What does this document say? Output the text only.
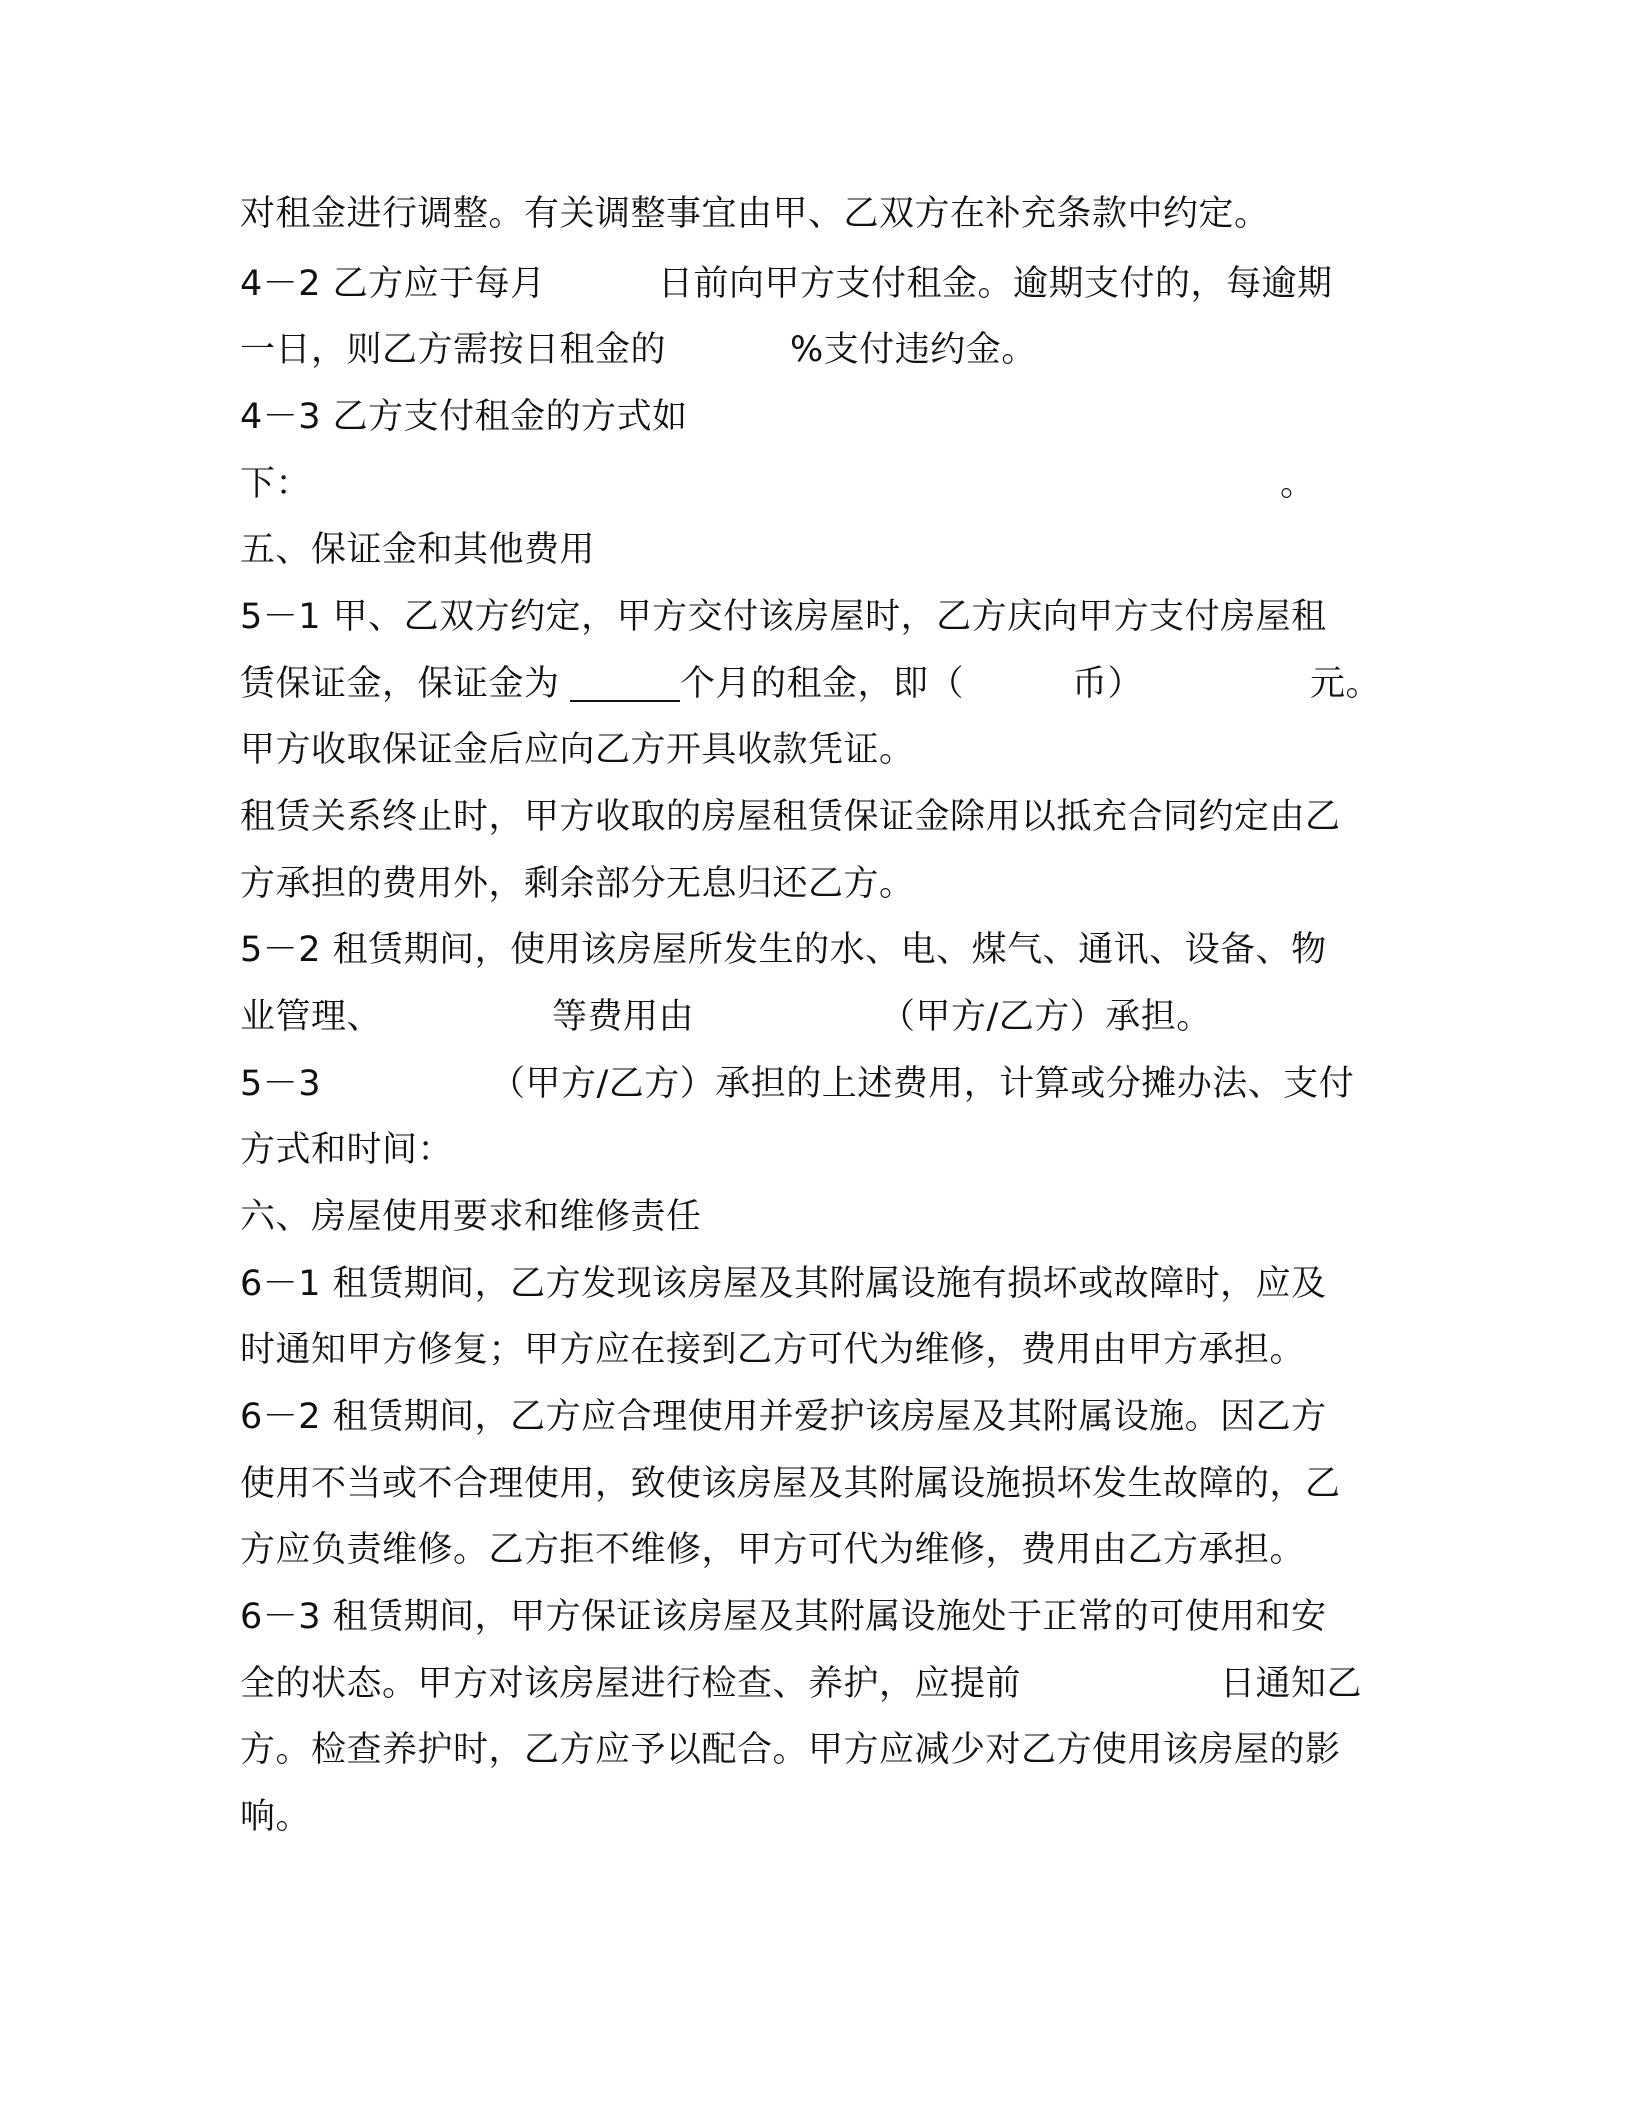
对租金进行调整。有关调整事宜由甲、乙双方在补充条款中约定。
4－2 乙方应于每月	日前向甲方支付租金。逾期支付的，每逾期
一日，则乙方需按日租金的	%支付违约金。
4－3 乙方支付租金的方式如
下：	。
五、保证金和其他费用
5－1 甲、乙双方约定，甲方交付该房屋时，乙方庆向甲方支付房屋租
赁保证金，保证金为	个月的租金，即（	币）	元。
甲方收取保证金后应向乙方开具收款凭证。
租赁关系终止时，甲方收取的房屋租赁保证金除用以抵充合同约定由乙
方承担的费用外，剩余部分无息归还乙方。
5－2 租赁期间，使用该房屋所发生的水、电、煤气、通讯、设备、物
业管理、	等费用由	（甲方/乙方）承担。
5－3	（甲方/乙方）承担的上述费用，计算或分摊办法、支付
方式和时间：
六、房屋使用要求和维修责任
6－1 租赁期间，乙方发现该房屋及其附属设施有损坏或故障时，应及
时通知甲方修复；甲方应在接到乙方可代为维修，费用由甲方承担。
6－2 租赁期间，乙方应合理使用并爱护该房屋及其附属设施。因乙方
使用不当或不合理使用，致使该房屋及其附属设施损坏发生故障的，乙
方应负责维修。乙方拒不维修，甲方可代为维修，费用由乙方承担。
6－3 租赁期间，甲方保证该房屋及其附属设施处于正常的可使用和安
全的状态。甲方对该房屋进行检查、养护，应提前	日通知乙
方。检查养护时，乙方应予以配合。甲方应减少对乙方使用该房屋的影
响。
